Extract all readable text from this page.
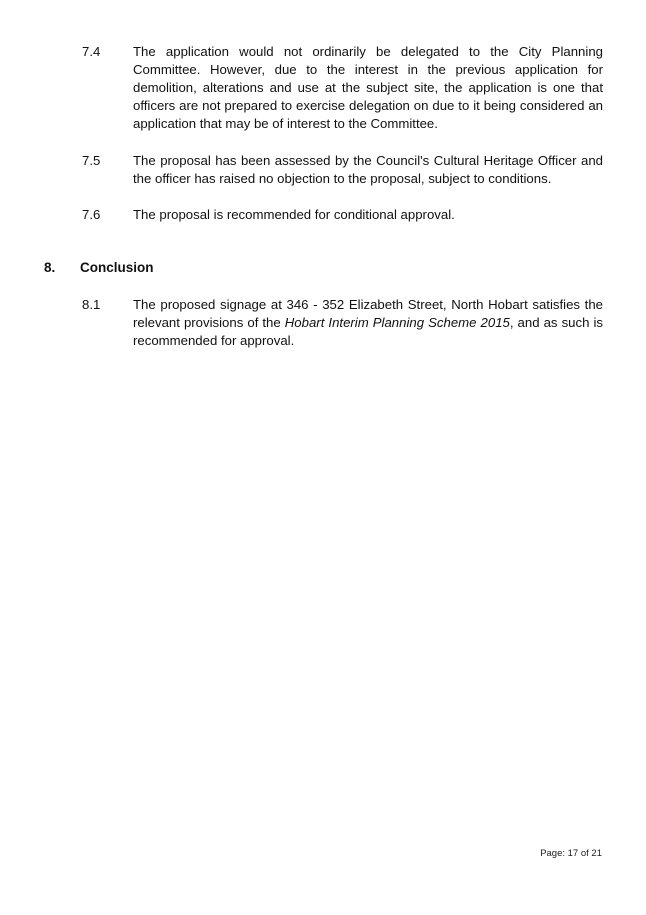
7.4 The application would not ordinarily be delegated to the City Planning Committee. However, due to the interest in the previous application for demolition, alterations and use at the subject site, the application is one that officers are not prepared to exercise delegation on due to it being considered an application that may be of interest to the Committee.
7.5 The proposal has been assessed by the Council's Cultural Heritage Officer and the officer has raised no objection to the proposal, subject to conditions.
7.6 The proposal is recommended for conditional approval.
8. Conclusion
8.1 The proposed signage at 346 - 352 Elizabeth Street, North Hobart satisfies the relevant provisions of the Hobart Interim Planning Scheme 2015, and as such is recommended for approval.
Page: 17 of 21
